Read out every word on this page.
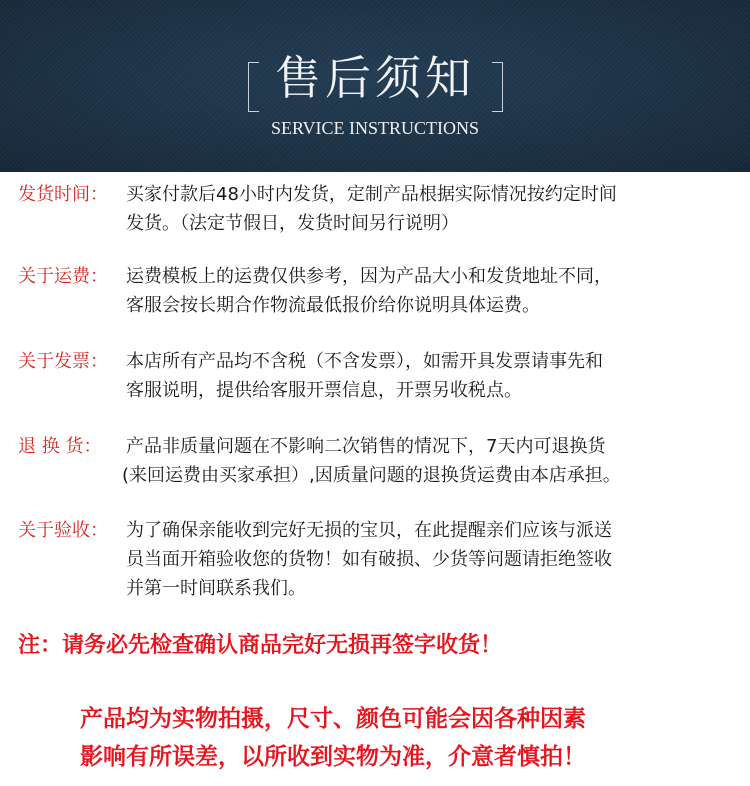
售后须知
SERVICE INSTRUCTIONS
发货时间： 买家付款后48小时内发货，定制产品根据实际情况按约定时间
发货。（法定节假日，发货时间另行说明）
关于运费： 运费模板上的运费仅供参考，因为产品大小和发货地址不同，
客服会按长期合作物流最低报价给你说明具体运费。
关于发票： 本店所有产品均不含税（不含发票），如需开具发票请事先和
客服说明，提供给客服开票信息，开票另收税点。
退 换 货： 产品非质量问题在不影响二次销售的情况下，7天内可退换货
(来回运费由买家承担）,因质量问题的退换货运费由本店承担。
关于验收： 为了确保亲能收到完好无损的宝贝，在此提醒亲们应该与派送
员当面开箱验收您的货物！如有破损、少货等问题请拒绝签收
并第一时间联系我们。
注：请务必先检查确认商品完好无损再签字收货！
产品均为实物拍摄，尺寸、颜色可能会因各种因素
影响有所误差，以所收到实物为准，介意者慎拍！
